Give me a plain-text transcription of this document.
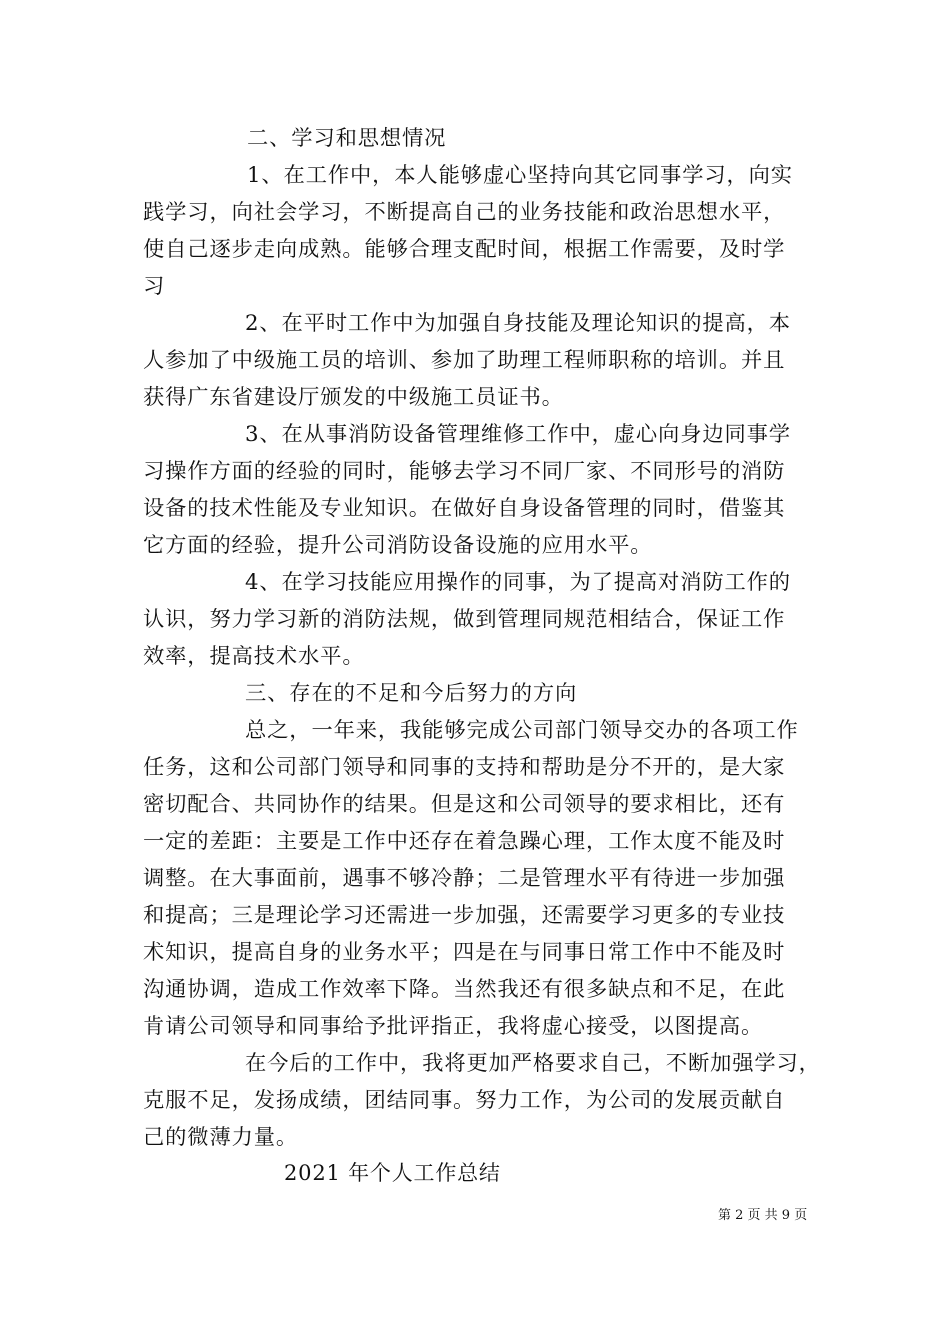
二、学习和思想情况
1、在工作中，本人能够虚心坚持向其它同事学习，向实
践学习，向社会学习，不断提高自己的业务技能和政治思想水平，
使自己逐步走向成熟。能够合理支配时间，根据工作需要，及时学
习
2、在平时工作中为加强自身技能及理论知识的提高，本
人参加了中级施工员的培训、参加了助理工程师职称的培训。并且
获得广东省建设厅颁发的中级施工员证书。
3、在从事消防设备管理维修工作中，虚心向身边同事学
习操作方面的经验的同时，能够去学习不同厂家、不同形号的消防
设备的技术性能及专业知识。在做好自身设备管理的同时，借鉴其
它方面的经验，提升公司消防设备设施的应用水平。
4、在学习技能应用操作的同事，为了提高对消防工作的
认识，努力学习新的消防法规，做到管理同规范相结合，保证工作
效率，提高技术水平。
三、存在的不足和今后努力的方向
总之，一年来，我能够完成公司部门领导交办的各项工作
任务，这和公司部门领导和同事的支持和帮助是分不开的，是大家
密切配合、共同协作的结果。但是这和公司领导的要求相比，还有
一定的差距：主要是工作中还存在着急躁心理，工作太度不能及时
调整。在大事面前，遇事不够冷静；二是管理水平有待进一步加强
和提高；三是理论学习还需进一步加强，还需要学习更多的专业技
术知识，提高自身的业务水平；四是在与同事日常工作中不能及时
沟通协调，造成工作效率下降。当然我还有很多缺点和不足，在此
肯请公司领导和同事给予批评指正，我将虚心接受，以图提高。
在今后的工作中，我将更加严格要求自己，不断加强学习，
克服不足，发扬成绩，团结同事。努力工作，为公司的发展贡献自
己的微薄力量。
2021 年个人工作总结
第 2 页 共 9 页
